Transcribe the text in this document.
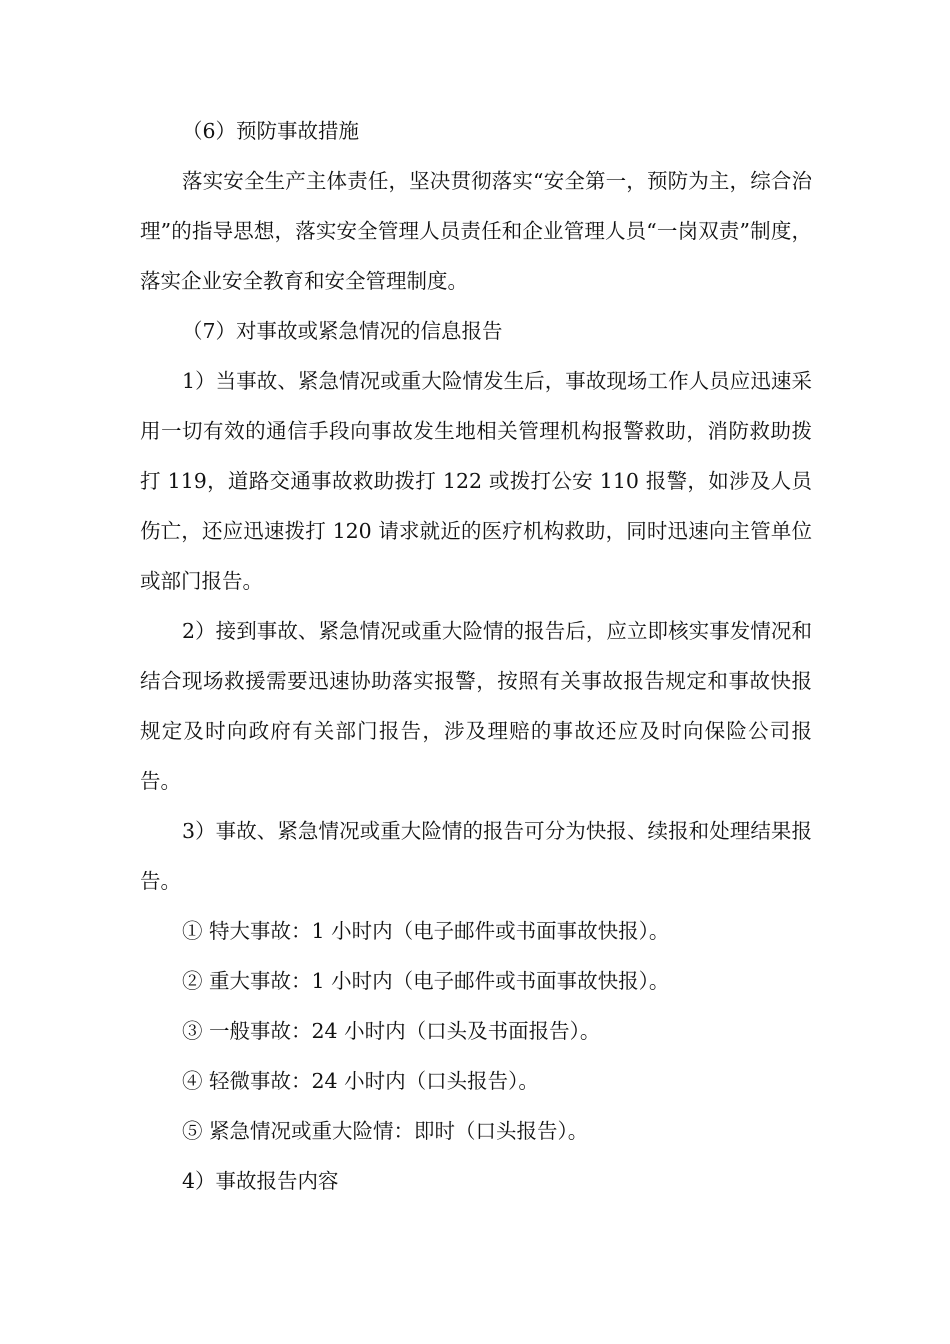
（6）预防事故措施

落实安全生产主体责任，坚决贯彻落实“安全第一，预防为主，综合治理”的指导思想，落实安全管理人员责任和企业管理人员“一岗双责”制度，落实企业安全教育和安全管理制度。

（7）对事故或紧急情况的信息报告

1）当事故、紧急情况或重大险情发生后，事故现场工作人员应迅速采用一切有效的通信手段向事故发生地相关管理机构报警救助，消防救助拨打 119，道路交通事故救助拨打 122 或拨打公安 110 报警，如涉及人员伤亡，还应迅速拨打 120 请求就近的医疗机构救助，同时迅速向主管单位或部门报告。

2）接到事故、紧急情况或重大险情的报告后，应立即核实事发情况和结合现场救援需要迅速协助落实报警，按照有关事故报告规定和事故快报规定及时向政府有关部门报告，涉及理赔的事故还应及时向保险公司报告。

3）事故、紧急情况或重大险情的报告可分为快报、续报和处理结果报告。

① 特大事故：1 小时内（电子邮件或书面事故快报）。

② 重大事故：1 小时内（电子邮件或书面事故快报）。

③ 一般事故：24 小时内（口头及书面报告）。

④ 轻微事故：24 小时内（口头报告）。

⑤ 紧急情况或重大险情：即时（口头报告）。

4）事故报告内容
